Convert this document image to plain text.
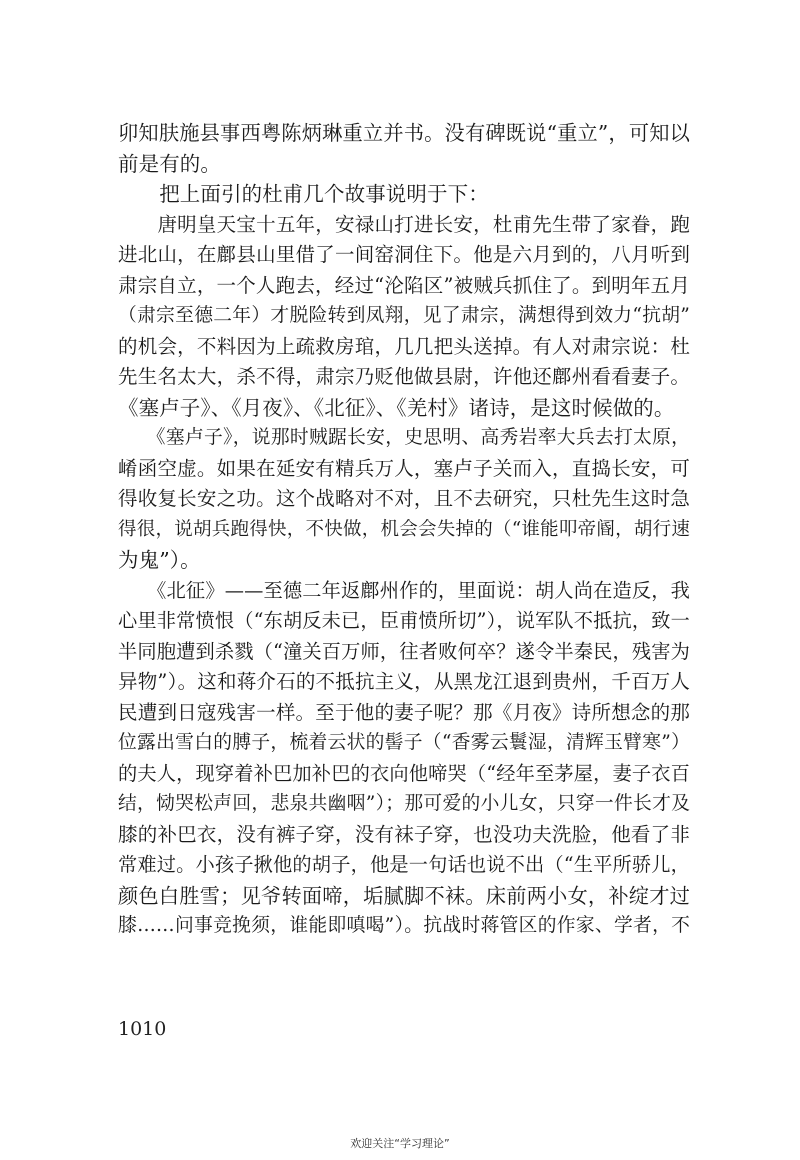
卯知肤施县事西粤陈炳琳重立并书。没有碑既说“重立”，可知以
前是有的。
　　把上面引的杜甫几个故事说明于下：
　　唐明皇天宝十五年，安禄山打进长安，杜甫先生带了家眷，跑
进北山，在鄜县山里借了一间窑洞住下。他是六月到的，八月听到
肃宗自立，一个人跑去，经过“沦陷区”被贼兵抓住了。到明年五月
（肃宗至德二年）才脱险转到凤翔，见了肃宗，满想得到效力“抗胡”
的机会，不料因为上疏救房琯，几几把头送掉。有人对肃宗说：杜
先生名太大，杀不得，肃宗乃贬他做县尉，许他还鄜州看看妻子。
《塞卢子》、《月夜》、《北征》、《羌村》诸诗，是这时候做的。
　　《塞卢子》，说那时贼踞长安，史思明、高秀岩率大兵去打太原，
崤函空虚。如果在延安有精兵万人，塞卢子关而入，直捣长安，可
得收复长安之功。这个战略对不对，且不去研究，只杜先生这时急
得很，说胡兵跑得快，不快做，机会会失掉的（“谁能叩帝阍，胡行速
为鬼”）。
　　《北征》——至德二年返鄜州作的，里面说：胡人尚在造反，我
心里非常愤恨（“东胡反未已，臣甫愤所切”），说军队不抵抗，致一
半同胞遭到杀戮（“潼关百万师，往者败何卒？遂令半秦民，残害为
异物”）。这和蒋介石的不抵抗主义，从黑龙江退到贵州，千百万人
民遭到日寇残害一样。至于他的妻子呢？那《月夜》诗所想念的那
位露出雪白的膊子，梳着云状的髻子（“香雾云鬟湿，清辉玉臂寒”）
的夫人，现穿着补巴加补巴的衣向他啼哭（“经年至茅屋，妻子衣百
结，恸哭松声回，悲泉共幽咽”）；那可爱的小儿女，只穿一件长才及
膝的补巴衣，没有裤子穿，没有袜子穿，也没功夫洗脸，他看了非
常难过。小孩子揪他的胡子，他是一句话也说不出（“生平所骄儿，
颜色白胜雪；见爷转面啼，垢腻脚不袜。床前两小女，补绽才过
膝……问事竞挽须，谁能即嗔喝”）。抗战时蒋管区的作家、学者，不
1010
欢迎关注“学习理论”
